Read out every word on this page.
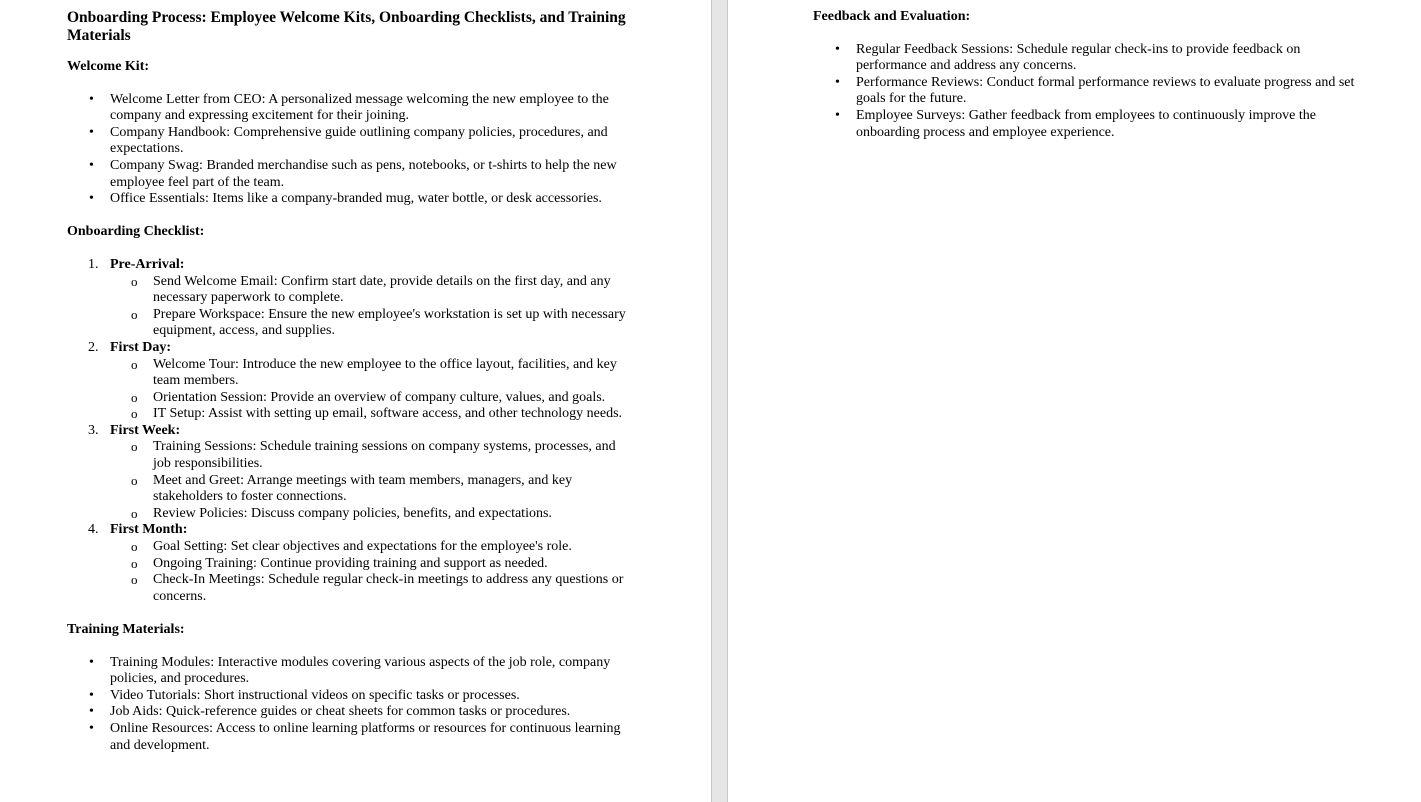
Onboarding Process: Employee Welcome Kits, Onboarding Checklists, and Training Materials
Welcome Kit:
• Welcome Letter from CEO: A personalized message welcoming the new employee to the company and expressing excitement for their joining.
• Company Handbook: Comprehensive guide outlining company policies, procedures, and expectations.
• Company Swag: Branded merchandise such as pens, notebooks, or t-shirts to help the new employee feel part of the team.
• Office Essentials: Items like a company-branded mug, water bottle, or desk accessories.
Onboarding Checklist:
1. Pre-Arrival:
o Send Welcome Email: Confirm start date, provide details on the first day, and any necessary paperwork to complete.
o Prepare Workspace: Ensure the new employee's workstation is set up with necessary equipment, access, and supplies.
2. First Day:
o Welcome Tour: Introduce the new employee to the office layout, facilities, and key team members.
o Orientation Session: Provide an overview of company culture, values, and goals.
o IT Setup: Assist with setting up email, software access, and other technology needs.
3. First Week:
o Training Sessions: Schedule training sessions on company systems, processes, and job responsibilities.
o Meet and Greet: Arrange meetings with team members, managers, and key stakeholders to foster connections.
o Review Policies: Discuss company policies, benefits, and expectations.
4. First Month:
o Goal Setting: Set clear objectives and expectations for the employee's role.
o Ongoing Training: Continue providing training and support as needed.
o Check-In Meetings: Schedule regular check-in meetings to address any questions or concerns.
Training Materials:
• Training Modules: Interactive modules covering various aspects of the job role, company policies, and procedures.
• Video Tutorials: Short instructional videos on specific tasks or processes.
• Job Aids: Quick-reference guides or cheat sheets for common tasks or procedures.
• Online Resources: Access to online learning platforms or resources for continuous learning and development.
Feedback and Evaluation:
• Regular Feedback Sessions: Schedule regular check-ins to provide feedback on performance and address any concerns.
• Performance Reviews: Conduct formal performance reviews to evaluate progress and set goals for the future.
• Employee Surveys: Gather feedback from employees to continuously improve the onboarding process and employee experience.
